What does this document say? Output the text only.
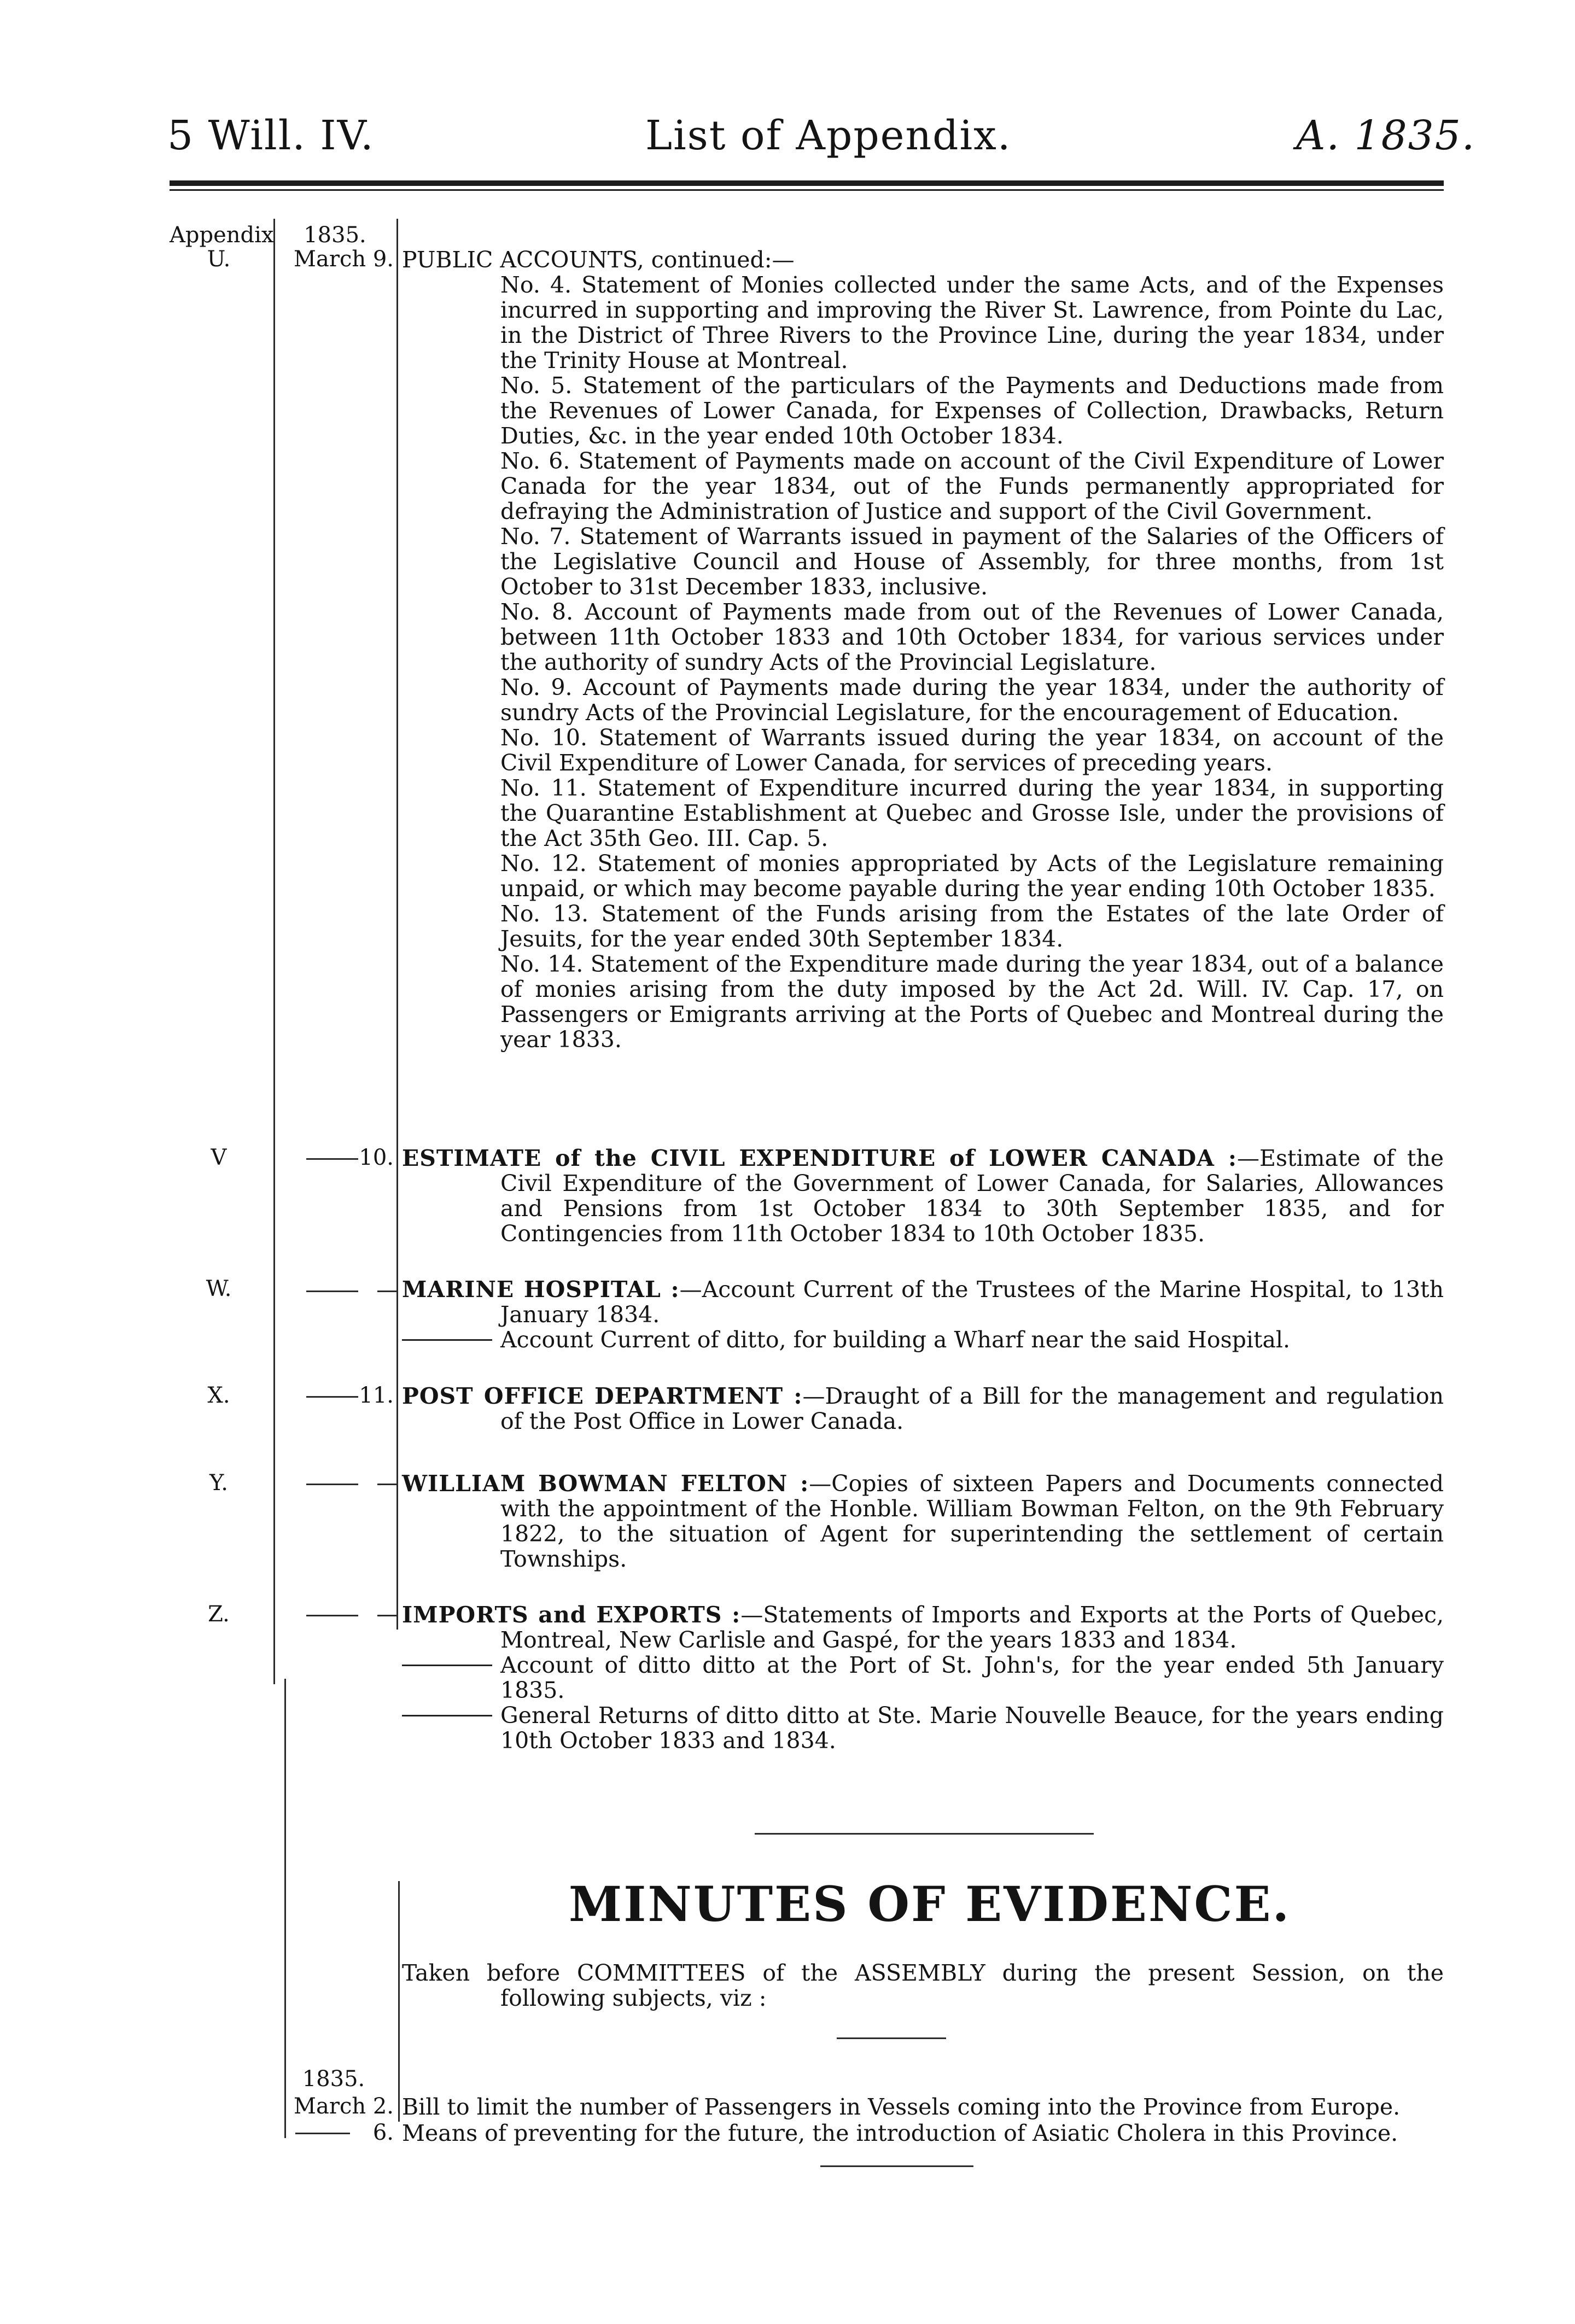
5 Will. IV.	List of Appendix.	A. 1835.
Appendix	1835.
U.	March 9. PUBLIC ACCOUNTS, continued:—

No. 4. Statement of Monies collected under the same Acts, and of the Expenses incurred in supporting and improving the River St. Lawrence, from Pointe du Lac, in the District of Three Rivers to the Province Line, during the year 1834, under the Trinity House at Montreal.

No. 5. Statement of the particulars of the Payments and Deductions made from the Revenues of Lower Canada, for Expenses of Collection, Drawbacks, Return Duties, &c. in the year ended 10th October 1834.

No. 6. Statement of Payments made on account of the Civil Expenditure of Lower Canada for the year 1834, out of the Funds permanently appropriated for defraying the Administration of Justice and support of the Civil Government.

No. 7. Statement of Warrants issued in payment of the Salaries of the Officers of the Legislative Council and House of Assembly, for three months, from 1st October to 31st December 1833, inclusive.

No. 8. Account of Payments made from out of the Revenues of Lower Canada, between 11th October 1833 and 10th October 1834, for various services under the authority of sundry Acts of the Provincial Legislature.

No. 9. Account of Payments made during the year 1834, under the authority of sundry Acts of the Provincial Legislature, for the encouragement of Education.

No. 10. Statement of Warrants issued during the year 1834, on account of the Civil Expenditure of Lower Canada, for services of preceding years.

No. 11. Statement of Expenditure incurred during the year 1834, in supporting the Quarantine Establishment at Quebec and Grosse Isle, under the provisions of the Act 35th Geo. III. Cap. 5.

No. 12. Statement of monies appropriated by Acts of the Legislature remaining unpaid, or which may become payable during the year ending 10th October 1835.

No. 13. Statement of the Funds arising from the Estates of the late Order of Jesuits, for the year ended 30th September 1834.

No. 14. Statement of the Expenditure made during the year 1834, out of a balance of monies arising from the duty imposed by the Act 2d. Will. IV. Cap. 17, on Passengers or Emigrants arriving at the Ports of Quebec and Montreal during the year 1833.

V	10. ESTIMATE of the CIVIL EXPENDITURE of LOWER CANADA :—Estimate of the Civil Expenditure of the Government of Lower Canada, for Salaries, Allowances and Pensions from 1st October 1834 to 30th September 1835, and for Contingencies from 11th October 1834 to 10th October 1835.
W.	MARINE HOSPITAL :—Account Current of the Trustees of the Marine Hospital, to 13th January 1834.
Account Current of ditto, for building a Wharf near the said Hospital.
X.	11. POST OFFICE DEPARTMENT :—Draught of a Bill for the management and regulation of the Post Office in Lower Canada.
Y.	WILLIAM BOWMAN FELTON :—Copies of sixteen Papers and Documents connected with the appointment of the Honble. William Bowman Felton, on the 9th February 1822, to the situation of Agent for superintending the settlement of certain Townships.
Z.	IMPORTS and EXPORTS :—Statements of Imports and Exports at the Ports of Quebec, Montreal, New Carlisle and Gaspé, for the years 1833 and 1834.
Account of ditto ditto at the Port of St. John's, for the year ended 5th January 1835.
General Returns of ditto ditto at Ste. Marie Nouvelle Beauce, for the years ending 10th October 1833 and 1834.
MINUTES OF EVIDENCE.
Taken before COMMITTEES of the ASSEMBLY during the present Session, on the following subjects, viz :
1835.
March 2. Bill to limit the number of Passengers in Vessels coming into the Province from Europe.
6. Means of preventing for the future, the introduction of Asiatic Cholera in this Province.
